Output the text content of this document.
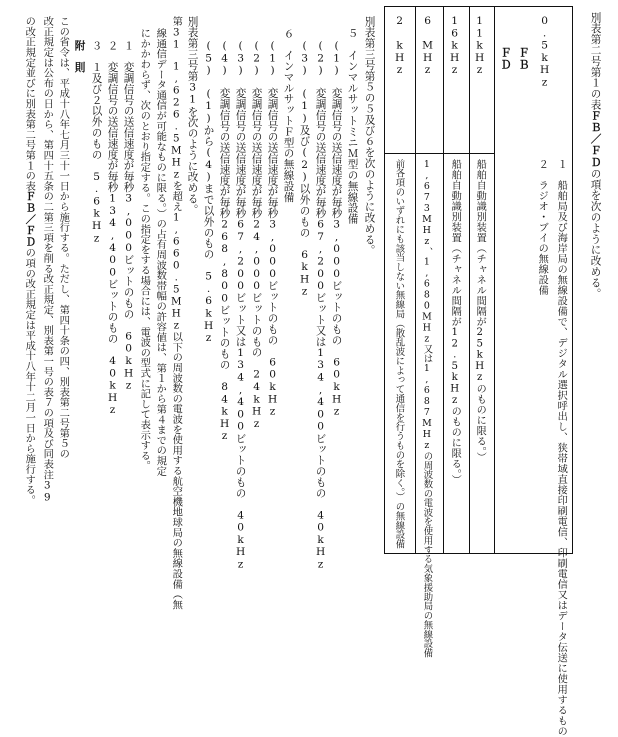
別表第二号第１の表ＦＢ／ＦＤの項を次のように改める。
ＦＢ
ＦＤ	0.5kHz
１　船舶局及び海岸局の無線設備で、デジタル選択呼出し、狭帯域直接印刷電信、印刷電信又はデータ伝送に使用するもの
２　ラジオ・ブイの無線設備
11kHz
船舶自動識別装置（チャネル間隔が25kHzのものに限る。）
16kHz
船舶自動識別装置（チャネル間隔が12.5kHzのものに限る。）
6 MHz
1,673MHz、1,680MHz又は1,687MHzの周波数の電波を使用する気象援助局の無線設備
2 kHz
前各項のいずれにも該当しない無線局（散乱波によって通信を行うものを除く。）の無線設備
別表第三号第５の５及び６を次のように改める。
５　インマルサットミニＭ型の無線設備
(1)　変調信号の送信速度が毎秒3,000ビットのもの　60kHz
(2)　変調信号の送信速度が毎秒67,200ビット又は134,400ビットのもの　40kHz
(3)　(1)及び(2)以外のもの　6kHz
６　インマルサットＦ型の無線設備
(1)　変調信号の送信速度が毎秒3,000ビットのもの　60kHz
(2)　変調信号の送信速度が毎秒24,000ビットのもの　24kHz
(3)　変調信号の送信速度が毎秒67,200ビット又は134,400ビットのもの　40kHz
(4)　変調信号の送信速度が毎秒268,800ビットのもの　84kHz
(5)　(1)から(4)まで以外のもの　5.6kHz
別表第三号第31を次のように改める。
第31　1,626.5MHzを超え1,660.5MHz以下の周波数の電波を使用する航空機地球局の無線設備（無
線通信データ通信が可能なものに限る。）の占有周波数帯幅の許容値は、第１から第４までの規定
にかかわらず、次のとおり指定する。この指定をする場合には、電波の型式に記して表示する。
１　変調信号の送信速度が毎秒3,000ビットのもの　60kHz
２　変調信号の送信速度が毎秒134,400ビットのもの　40kHz
３　１及び２以外のもの　5.6kHz
附　則
この省令は、平成十八年七月三十一日から施行する。ただし、第四十条の四、別表第二号第５の
改正規定は公布の日から、第四十五条の二第三項を削る改正規定、別表第一号の表７の項及び同表注39
の改正規定並びに別表第二号第１の表ＦＢ／ＦＤの項の改正規定は平成十八年十二月一日から施行する。
